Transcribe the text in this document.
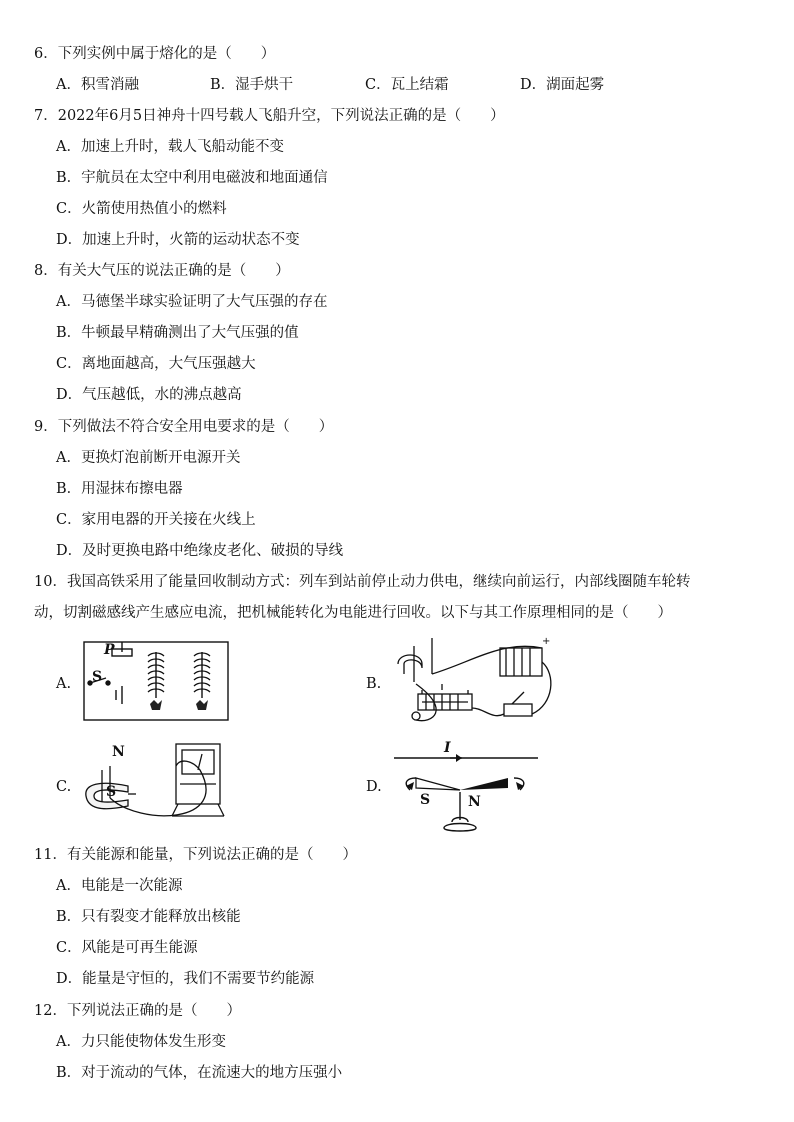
6．下列实例中属于熔化的是（　　）
A．积雪消融	B．湿手烘干	C．瓦上结霜	D．湖面起雾
7．2022年6月5日神舟十四号载人飞船升空，下列说法正确的是（　　）
A．加速上升时，载人飞船动能不变
B．宇航员在太空中利用电磁波和地面通信
C．火箭使用热值小的燃料
D．加速上升时，火箭的运动状态不变
8．有关大气压的说法正确的是（　　）
A．马德堡半球实验证明了大气压强的存在
B．牛顿最早精确测出了大气压强的值
C．离地面越高，大气压强越大
D．气压越低，水的沸点越高
9．下列做法不符合安全用电要求的是（　　）
A．更换灯泡前断开电源开关
B．用湿抹布擦电器
C．家用电器的开关接在火线上
D．及时更换电路中绝缘皮老化、破损的导线
10．我国高铁采用了能量回收制动方式：列车到站前停止动力供电，继续向前运行，内部线圈随车轮转
动，切割磁感线产生感应电流，把机械能转化为电能进行回收。以下与其工作原理相同的是（　　）
A.	B.
C.	D.
P
S
+
N
S
I
S	N
11．有关能源和能量，下列说法正确的是（　　）
A．电能是一次能源
B．只有裂变才能释放出核能
C．风能是可再生能源
D．能量是守恒的，我们不需要节约能源
12．下列说法正确的是（　　）
A．力只能使物体发生形变
B．对于流动的气体，在流速大的地方压强小
